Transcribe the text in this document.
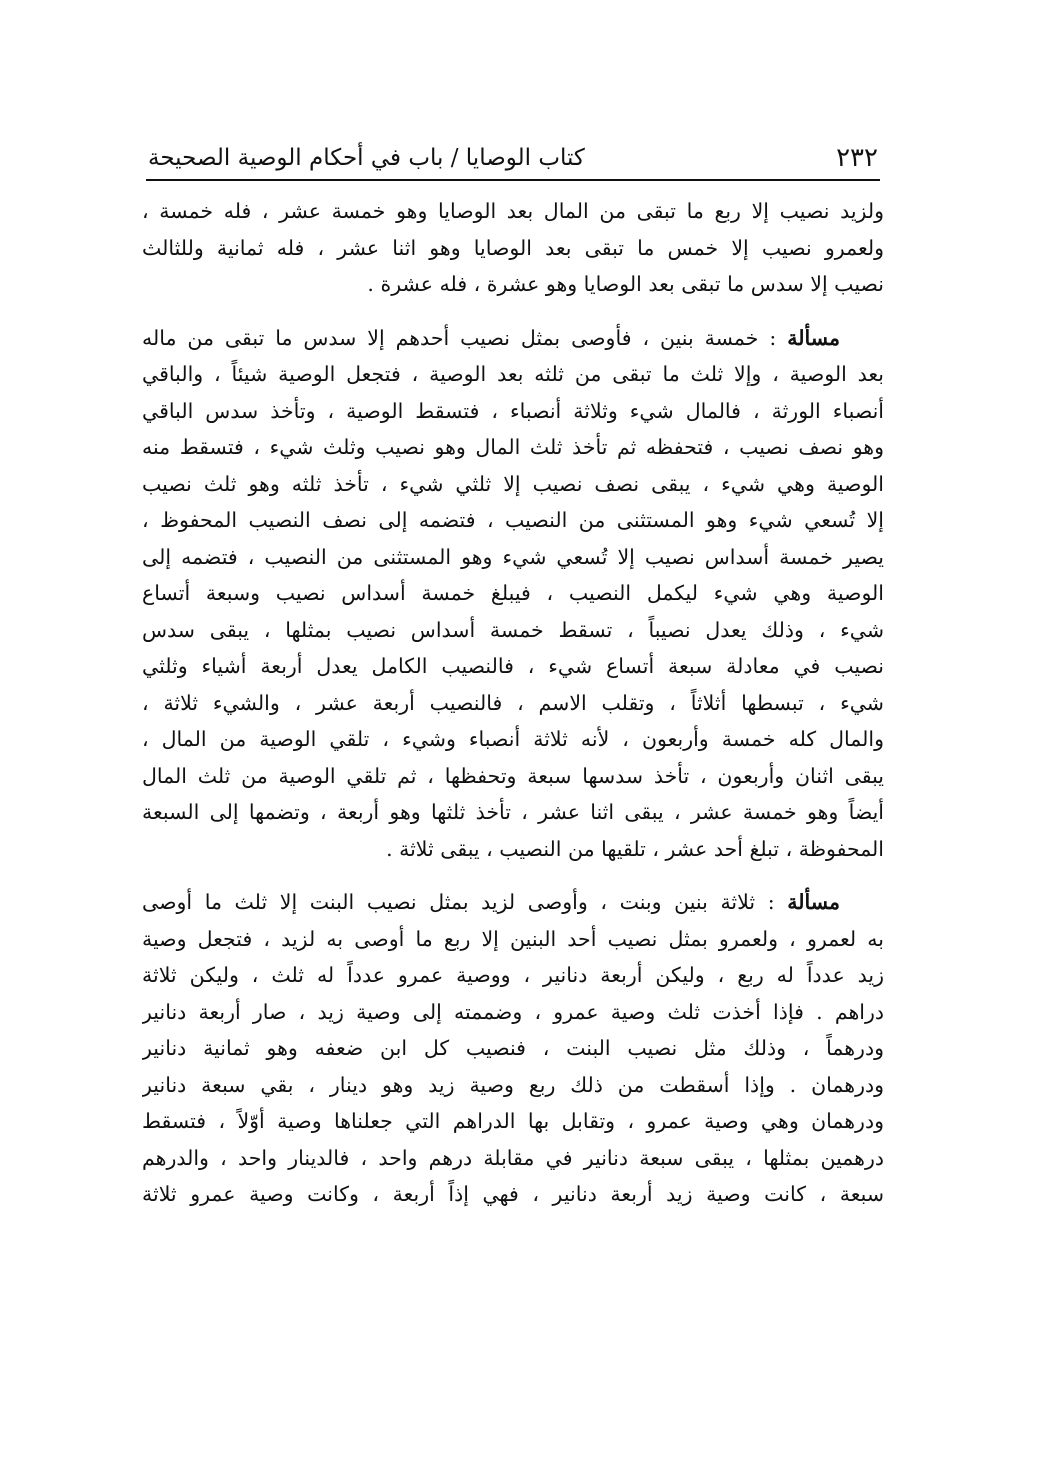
٢٣٢
كتاب الوصايا / باب في أحكام الوصية الصحيحة
ولزيد نصيب إلا ربع ما تبقى من المال بعد الوصايا وهو خمسة عشر ، فله خمسة ،
ولعمرو نصيب إلا خمس ما تبقى بعد الوصايا وهو اثنا عشر ، فله ثمانية وللثالث
نصيب إلا سدس ما تبقى بعد الوصايا وهو عشرة ، فله عشرة .
مسألة : خمسة بنين ، فأوصى بمثل نصيب أحدهم إلا سدس ما تبقى من ماله
بعد الوصية ، وإلا ثلث ما تبقى من ثلثه بعد الوصية ، فتجعل الوصية شيئاً ، والباقي
أنصباء الورثة ، فالمال شيء وثلاثة أنصباء ، فتسقط الوصية ، وتأخذ سدس الباقي
وهو نصف نصيب ، فتحفظه ثم تأخذ ثلث المال وهو نصيب وثلث شيء ، فتسقط منه
الوصية وهي شيء ، يبقى نصف نصيب إلا ثلثي شيء ، تأخذ ثلثه وهو ثلث نصيب
إلا تُسعي شيء وهو المستثنى من النصيب ، فتضمه إلى نصف النصيب المحفوظ ،
يصير خمسة أسداس نصيب إلا تُسعي شيء وهو المستثنى من النصيب ، فتضمه إلى
الوصية وهي شيء ليكمل النصيب ، فيبلغ خمسة أسداس نصيب وسبعة أتساع
شيء ، وذلك يعدل نصيباً ، تسقط خمسة أسداس نصيب بمثلها ، يبقى سدس
نصيب في معادلة سبعة أتساع شيء ، فالنصيب الكامل يعدل أربعة أشياء وثلثي
شيء ، تبسطها أثلاثاً ، وتقلب الاسم ، فالنصيب أربعة عشر ، والشيء ثلاثة ،
والمال كله خمسة وأربعون ، لأنه ثلاثة أنصباء وشيء ، تلقي الوصية من المال ،
يبقى اثنان وأربعون ، تأخذ سدسها سبعة وتحفظها ، ثم تلقي الوصية من ثلث المال
أيضاً وهو خمسة عشر ، يبقى اثنا عشر ، تأخذ ثلثها وهو أربعة ، وتضمها إلى السبعة
المحفوظة ، تبلغ أحد عشر ، تلقيها من النصيب ، يبقى ثلاثة .
مسألة : ثلاثة بنين وبنت ، وأوصى لزيد بمثل نصيب البنت إلا ثلث ما أوصى
به لعمرو ، ولعمرو بمثل نصيب أحد البنين إلا ربع ما أوصى به لزيد ، فتجعل وصية
زيد عدداً له ربع ، وليكن أربعة دنانير ، ووصية عمرو عدداً له ثلث ، وليكن ثلاثة
دراهم . فإذا أخذت ثلث وصية عمرو ، وضممته إلى وصية زيد ، صار أربعة دنانير
ودرهماً ، وذلك مثل نصيب البنت ، فنصيب كل ابن ضعفه وهو ثمانية دنانير
ودرهمان . وإذا أسقطت من ذلك ربع وصية زيد وهو دينار ، بقي سبعة دنانير
ودرهمان وهي وصية عمرو ، وتقابل بها الدراهم التي جعلناها وصية أوّلاً ، فتسقط
درهمين بمثلها ، يبقى سبعة دنانير في مقابلة درهم واحد ، فالدينار واحد ، والدرهم
سبعة ، كانت وصية زيد أربعة دنانير ، فهي إذاً أربعة ، وكانت وصية عمرو ثلاثة
